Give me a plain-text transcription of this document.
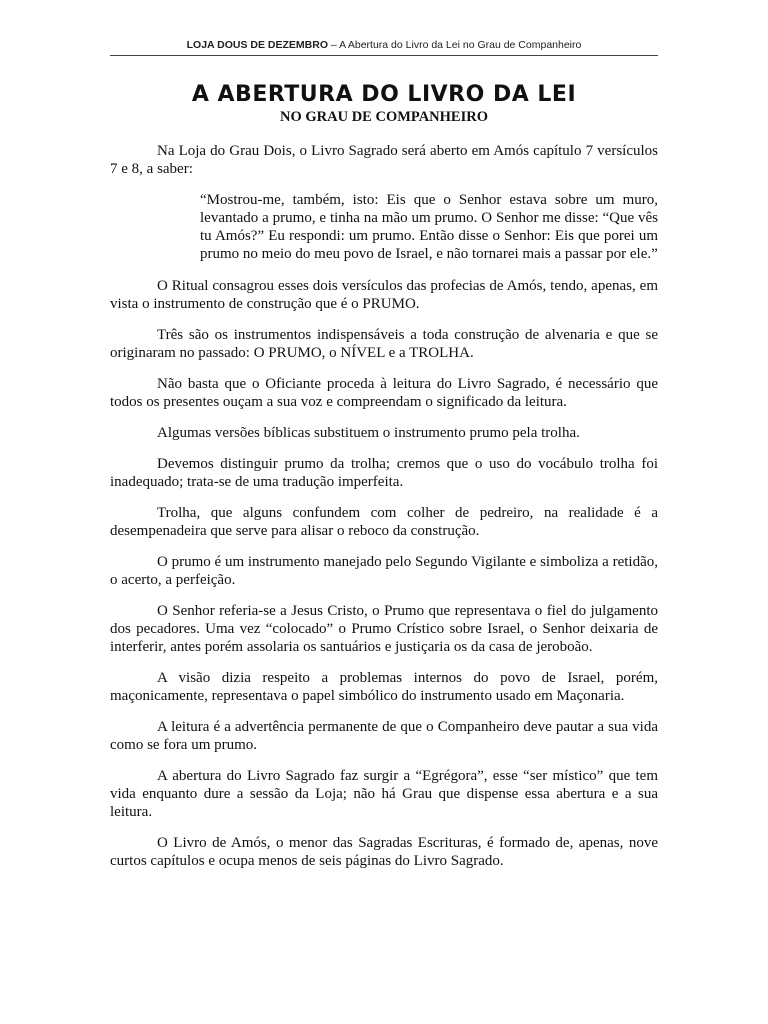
LOJA DOUS DE DEZEMBRO – A Abertura do Livro da Lei no Grau de Companheiro
A ABERTURA DO LIVRO DA LEI
NO GRAU DE COMPANHEIRO

Na Loja do Grau Dois, o Livro Sagrado será aberto em Amós capítulo 7 versículos 7 e 8, a saber:

“Mostrou-me, também, isto: Eis que o Senhor estava sobre um muro, levantado a prumo, e tinha na mão um prumo. O Senhor me disse: “Que vês tu Amós?” Eu respondi: um prumo. Então disse o Senhor: Eis que porei um prumo no meio do meu povo de Israel, e não tornarei mais a passar por ele.”

O Ritual consagrou esses dois versículos das profecias de Amós, tendo, apenas, em vista o instrumento de construção que é o PRUMO.

Três são os instrumentos indispensáveis a toda construção de alvenaria e que se originaram no passado: O PRUMO, o NÍVEL e a TROLHA.

Não basta que o Oficiante proceda à leitura do Livro Sagrado, é necessário que todos os presentes ouçam a sua voz e compreendam o significado da leitura.

Algumas versões bíblicas substituem o instrumento prumo pela trolha.

Devemos distinguir prumo da trolha; cremos que o uso do vocábulo trolha foi inadequado; trata-se de uma tradução imperfeita.

Trolha, que alguns confundem com colher de pedreiro, na realidade é a desempenadeira que serve para alisar o reboco da construção.

O prumo é um instrumento manejado pelo Segundo Vigilante e simboliza a retidão, o acerto, a perfeição.

O Senhor referia-se a Jesus Cristo, o Prumo que representava o fiel do julgamento dos pecadores. Uma vez “colocado” o Prumo Crístico sobre Israel, o Senhor deixaria de interferir, antes porém assolaria os santuários e justiçaria os da casa de jeroboão.

A visão dizia respeito a problemas internos do povo de Israel, porém, maçonicamente, representava o papel simbólico do instrumento usado em Maçonaria.

A leitura é a advertência permanente de que o Companheiro deve pautar a sua vida como se fora um prumo.

A abertura do Livro Sagrado faz surgir a “Egrégora”, esse “ser místico” que tem vida enquanto dure a sessão da Loja; não há Grau que dispense essa abertura e a sua leitura.

O Livro de Amós, o menor das Sagradas Escrituras, é formado de, apenas, nove curtos capítulos e ocupa menos de seis páginas do Livro Sagrado.
